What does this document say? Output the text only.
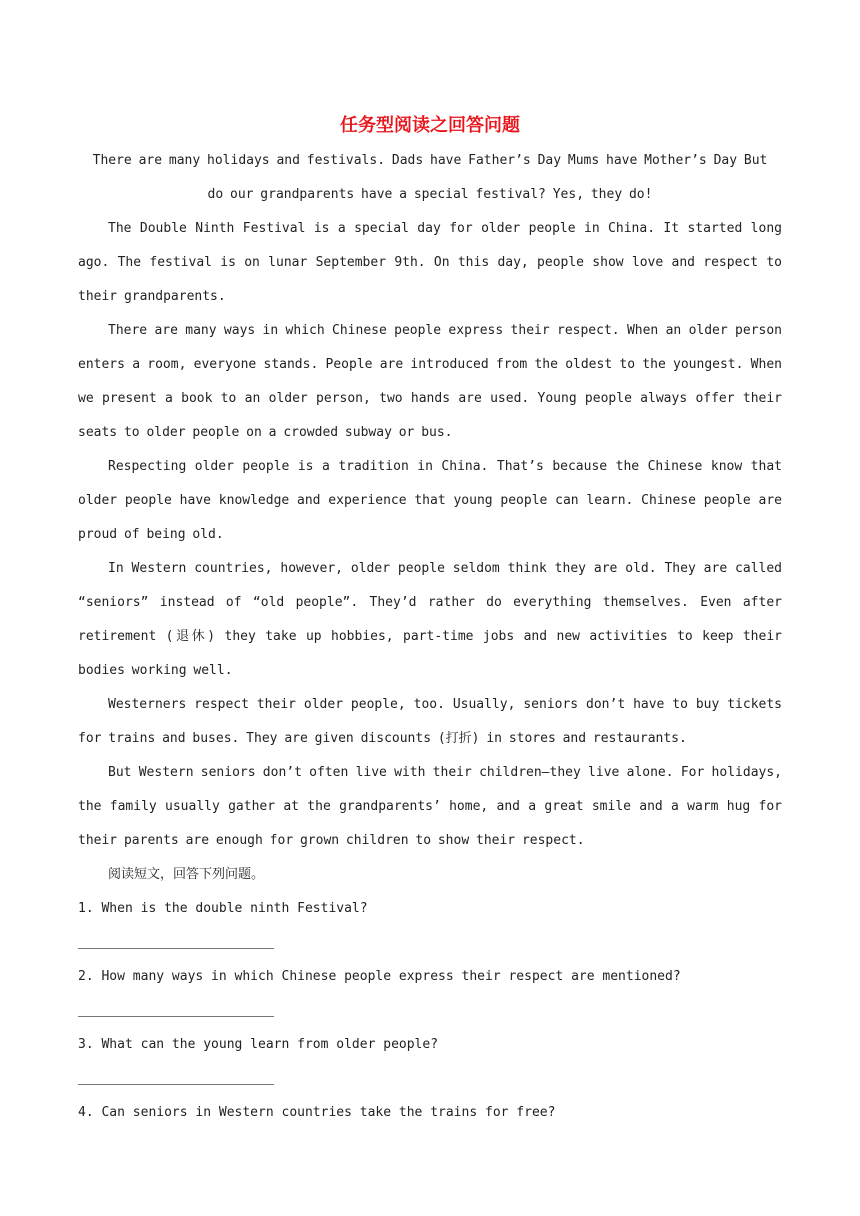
任务型阅读之回答问题

There are many holidays and festivals. Dads have Father’s Day Mums have Mother’s Day But do our grandparents have a special festival? Yes, they do!

The Double Ninth Festival is a special day for older people in China. It started long ago. The festival is on lunar September 9th. On this day, people show love and respect to their grandparents.

There are many ways in which Chinese people express their respect. When an older person enters a room, everyone stands. People are introduced from the oldest to the youngest. When we present a book to an older person, two hands are used. Young people always offer their seats to older people on a crowded subway or bus.

Respecting older people is a tradition in China. That’s because the Chinese know that older people have knowledge and experience that young people can learn. Chinese people are proud of being old.

In Western countries, however, older people seldom think they are old. They are called “seniors” instead of “old people”. They’d rather do everything themselves. Even after retirement (退休) they take up hobbies, part-time jobs and new activities to keep their bodies working well.

Westerners respect their older people, too. Usually, seniors don’t have to buy tickets for trains and buses. They are given discounts (打折) in stores and restaurants.

But Western seniors don’t often live with their children—they live alone. For holidays, the family usually gather at the grandparents’ home, and a great smile and a warm hug for their parents are enough for grown children to show their respect.

阅读短文，回答下列问题。

1. When is the double ninth Festival?

2. How many ways in which Chinese people express their respect are mentioned?

3. What can the young learn from older people?

4. Can seniors in Western countries take the trains for free?
